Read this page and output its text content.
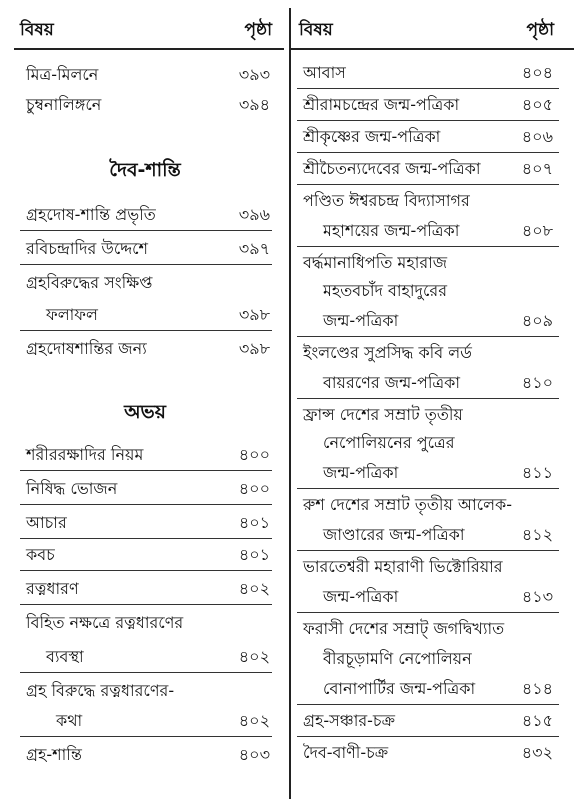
বিষয়	পৃষ্ঠা
মিত্র-মিলনে	৩৯৩
চুম্বনালিঙ্গনে	৩৯৪
দৈব-শান্তি
গ্রহদোষ-শান্তি প্রভৃতি	৩৯৬
রবিচন্দ্রাদির উদ্দেশে	৩৯৭
গ্রহবিরুদ্ধের সংক্ষিপ্ত
ফলাফল	৩৯৮
গ্রহদোষশান্তির জন্য	৩৯৮
অভয়
শরীররক্ষাদির নিয়ম	৪০০
নিষিদ্ধ ভোজন	৪০০
আচার	৪০১
কবচ	৪০১
রত্নধারণ	৪০২
বিহিত নক্ষত্রে রত্নধারণের
ব্যবস্থা	৪০২
গ্রহ বিরুদ্ধে রত্নধারণের-
কথা	৪০২
গ্রহ-শান্তি	৪০৩
বিষয়	পৃষ্ঠা
আবাস	৪০৪
শ্রীরামচন্দ্রের জন্ম-পত্রিকা	৪০৫
শ্রীকৃষ্ণের জন্ম-পত্রিকা	৪০৬
শ্রীচৈতন্যদেবের জন্ম-পত্রিকা	৪০৭
পণ্ডিত ঈশ্বরচন্দ্র বিদ্যাসাগর
মহাশয়ের জন্ম-পত্রিকা	৪০৮
বর্দ্ধমানাধিপতি মহারাজ
মহতবচাঁদ বাহাদুরের
জন্ম-পত্রিকা	৪০৯
ইংলণ্ডের সুপ্রসিদ্ধ কবি লর্ড
বায়রণের জন্ম-পত্রিকা	৪১০
ফ্রান্স দেশের সম্রাট তৃতীয়
নেপোলিয়নের পুত্রের
জন্ম-পত্রিকা	৪১১
রুশ দেশের সম্রাট তৃতীয় আলেক-
জাণ্ডারের জন্ম-পত্রিকা	৪১২
ভারতেশ্বরী মহারাণী ভিক্টোরিয়ার
জন্ম-পত্রিকা	৪১৩
ফরাসী দেশের সম্রাট্ জগদ্বিখ্যাত
বীরচূড়ামণি নেপোলিয়ন
বোনাপার্টির জন্ম-পত্রিকা	৪১৪
গ্রহ-সঞ্চার-চক্র	৪১৫
দৈব-বাণী-চক্র	৪৩২
